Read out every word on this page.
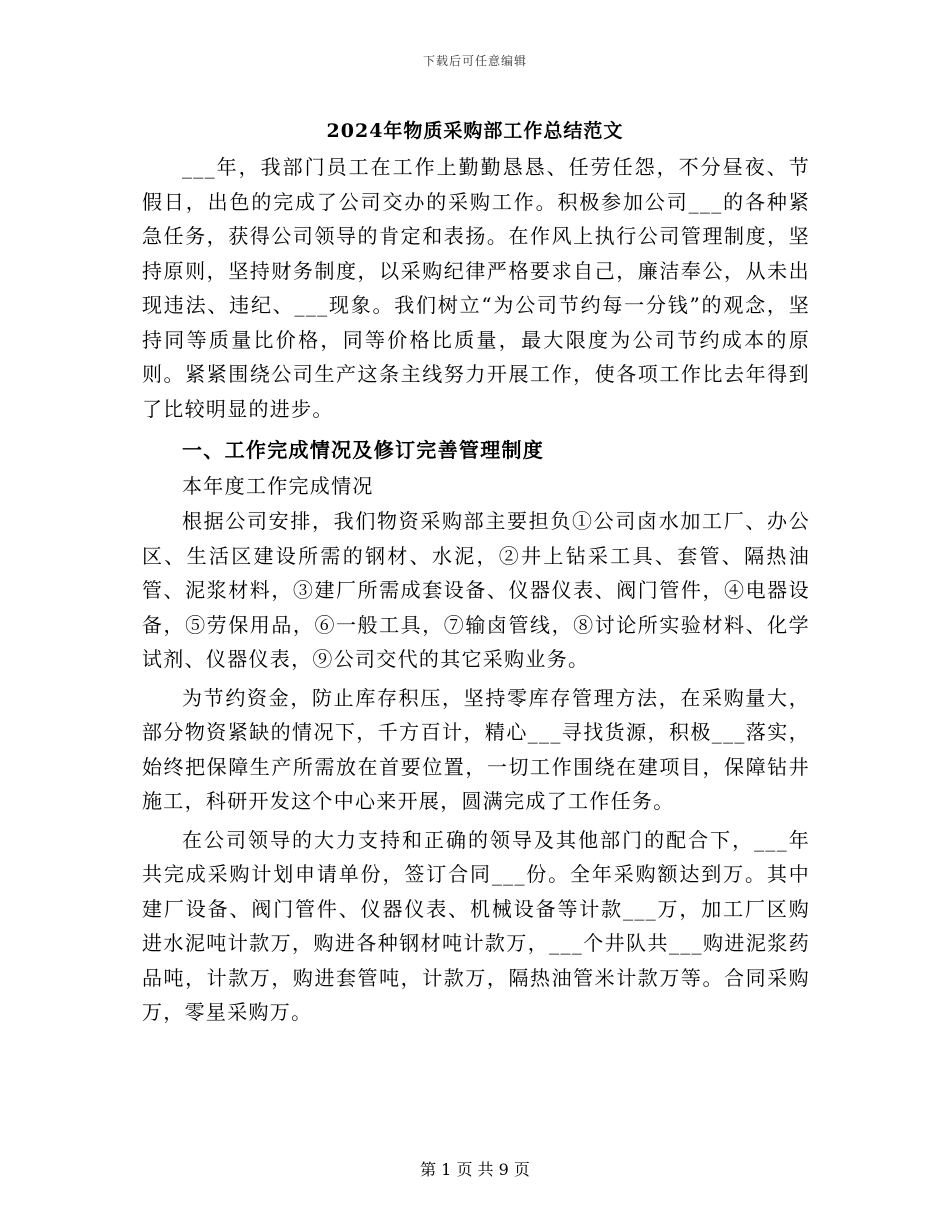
下载后可任意编辑
2024年物质采购部工作总结范文

___年，我部门员工在工作上勤勤恳恳、任劳任怨，不分昼夜、节假日，出色的完成了公司交办的采购工作。积极参加公司___的各种紧急任务，获得公司领导的肯定和表扬。在作风上执行公司管理制度，坚持原则，坚持财务制度，以采购纪律严格要求自己，廉洁奉公，从未出现违法、违纪、___现象。我们树立“为公司节约每一分钱”的观念，坚持同等质量比价格，同等价格比质量，最大限度为公司节约成本的原则。紧紧围绕公司生产这条主线努力开展工作，使各项工作比去年得到了比较明显的进步。

一、工作完成情况及修订完善管理制度

本年度工作完成情况

根据公司安排，我们物资采购部主要担负①公司卤水加工厂、办公区、生活区建设所需的钢材、水泥，②井上钻采工具、套管、隔热油管、泥浆材料，③建厂所需成套设备、仪器仪表、阀门管件，④电器设备，⑤劳保用品，⑥一般工具，⑦输卤管线，⑧讨论所实验材料、化学试剂、仪器仪表，⑨公司交代的其它采购业务。

为节约资金，防止库存积压，坚持零库存管理方法，在采购量大，部分物资紧缺的情况下，千方百计，精心___寻找货源，积极___落实，始终把保障生产所需放在首要位置，一切工作围绕在建项目，保障钻井施工，科研开发这个中心来开展，圆满完成了工作任务。

在公司领导的大力支持和正确的领导及其他部门的配合下，___年共完成采购计划申请单份，签订合同___份。全年采购额达到万。其中建厂设备、阀门管件、仪器仪表、机械设备等计款___万，加工厂区购进水泥吨计款万，购进各种钢材吨计款万，___个井队共___购进泥浆药品吨，计款万，购进套管吨，计款万，隔热油管米计款万等。合同采购万，零星采购万。

第 1 页 共 9 页
